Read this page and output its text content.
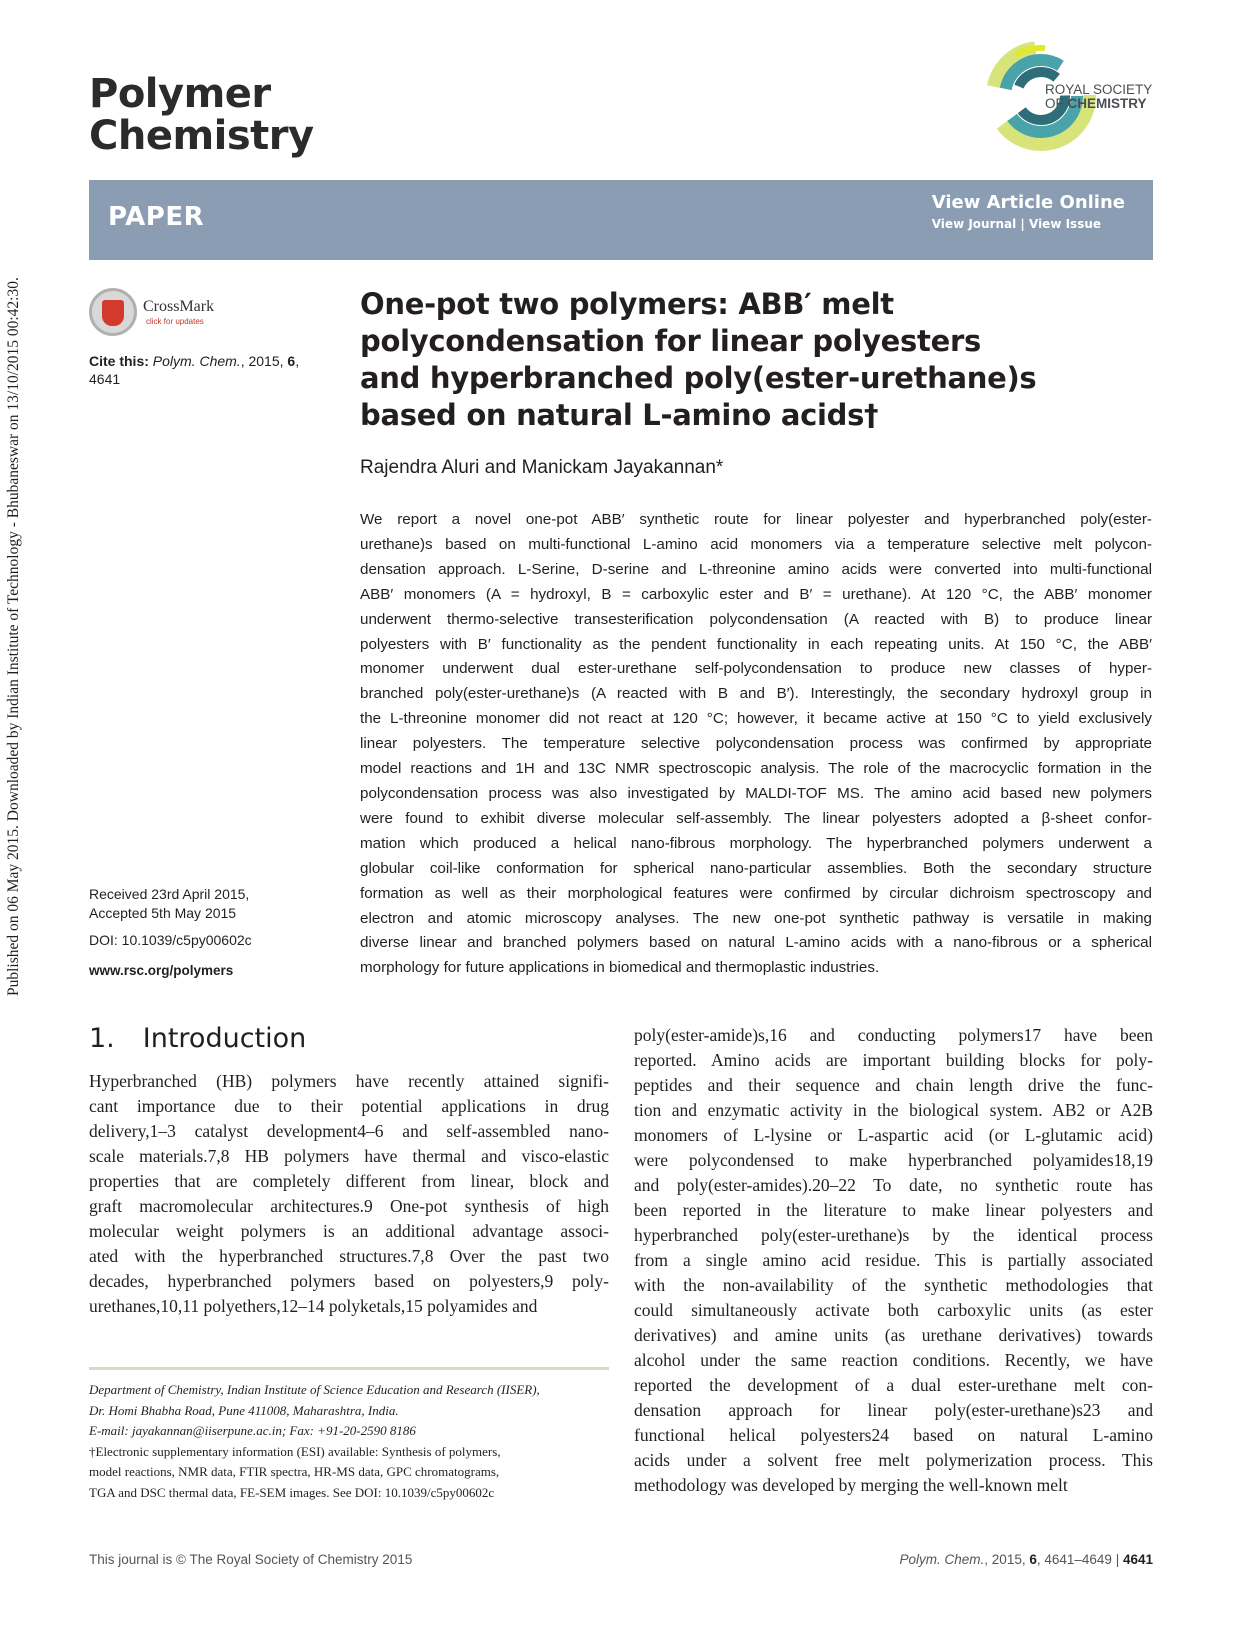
Published on 06 May 2015. Downloaded by Indian Institute of Technology - Bhubaneswar on 13/10/2015 00:42:30.
Polymer
Chemistry
ROYAL SOCIETY
OF CHEMISTRY
PAPER	View Article Online
View Journal | View Issue
CrossMark
click for updates
Cite this: Polym. Chem., 2015, 6, 4641
Received 23rd April 2015,
Accepted 5th May 2015
DOI: 10.1039/c5py00602c
www.rsc.org/polymers
One-pot two polymers: ABB′ melt
polycondensation for linear polyesters
and hyperbranched poly(ester-urethane)s
based on natural L-amino acids†
Rajendra Aluri and Manickam Jayakannan*
We report a novel one-pot ABB′ synthetic route for linear polyester and hyperbranched poly(ester-
urethane)s based on multi-functional L-amino acid monomers via a temperature selective melt polycon-
densation approach. L-Serine, D-serine and L-threonine amino acids were converted into multi-functional
ABB′ monomers (A = hydroxyl, B = carboxylic ester and B′ = urethane). At 120 °C, the ABB′ monomer
underwent thermo-selective transesterification polycondensation (A reacted with B) to produce linear
polyesters with B′ functionality as the pendent functionality in each repeating units. At 150 °C, the ABB′
monomer underwent dual ester-urethane self-polycondensation to produce new classes of hyper-
branched poly(ester-urethane)s (A reacted with B and B′). Interestingly, the secondary hydroxyl group in
the L-threonine monomer did not react at 120 °C; however, it became active at 150 °C to yield exclusively
linear polyesters. The temperature selective polycondensation process was confirmed by appropriate
model reactions and 1H and 13C NMR spectroscopic analysis. The role of the macrocyclic formation in the
polycondensation process was also investigated by MALDI-TOF MS. The amino acid based new polymers
were found to exhibit diverse molecular self-assembly. The linear polyesters adopted a β-sheet confor-
mation which produced a helical nano-fibrous morphology. The hyperbranched polymers underwent a
globular coil-like conformation for spherical nano-particular assemblies. Both the secondary structure
formation as well as their morphological features were confirmed by circular dichroism spectroscopy and
electron and atomic microscopy analyses. The new one-pot synthetic pathway is versatile in making
diverse linear and branched polymers based on natural L-amino acids with a nano-fibrous or a spherical
morphology for future applications in biomedical and thermoplastic industries.
1. Introduction
Hyperbranched (HB) polymers have recently attained signifi-
cant importance due to their potential applications in drug
delivery,1–3 catalyst development4–6 and self-assembled nano-
scale materials.7,8 HB polymers have thermal and visco-elastic
properties that are completely different from linear, block and
graft macromolecular architectures.9 One-pot synthesis of high
molecular weight polymers is an additional advantage associ-
ated with the hyperbranched structures.7,8 Over the past two
decades, hyperbranched polymers based on polyesters,9 poly-
urethanes,10,11 polyethers,12–14 polyketals,15 polyamides and
poly(ester-amide)s,16 and conducting polymers17 have been
reported. Amino acids are important building blocks for poly-
peptides and their sequence and chain length drive the func-
tion and enzymatic activity in the biological system. AB2 or A2B
monomers of L-lysine or L-aspartic acid (or L-glutamic acid)
were polycondensed to make hyperbranched polyamides18,19
and poly(ester-amides).20–22 To date, no synthetic route has
been reported in the literature to make linear polyesters and
hyperbranched poly(ester-urethane)s by the identical process
from a single amino acid residue. This is partially associated
with the non-availability of the synthetic methodologies that
could simultaneously activate both carboxylic units (as ester
derivatives) and amine units (as urethane derivatives) towards
alcohol under the same reaction conditions. Recently, we have
reported the development of a dual ester-urethane melt con-
densation approach for linear poly(ester-urethane)s23 and
functional helical polyesters24 based on natural L-amino
acids under a solvent free melt polymerization process. This
methodology was developed by merging the well-known melt
Department of Chemistry, Indian Institute of Science Education and Research (IISER),
Dr. Homi Bhabha Road, Pune 411008, Maharashtra, India.
E-mail: jayakannan@iiserpune.ac.in; Fax: +91-20-2590 8186
†Electronic supplementary information (ESI) available: Synthesis of polymers,
model reactions, NMR data, FTIR spectra, HR-MS data, GPC chromatograms,
TGA and DSC thermal data, FE-SEM images. See DOI: 10.1039/c5py00602c
This journal is © The Royal Society of Chemistry 2015	Polym. Chem., 2015, 6, 4641–4649 | 4641
